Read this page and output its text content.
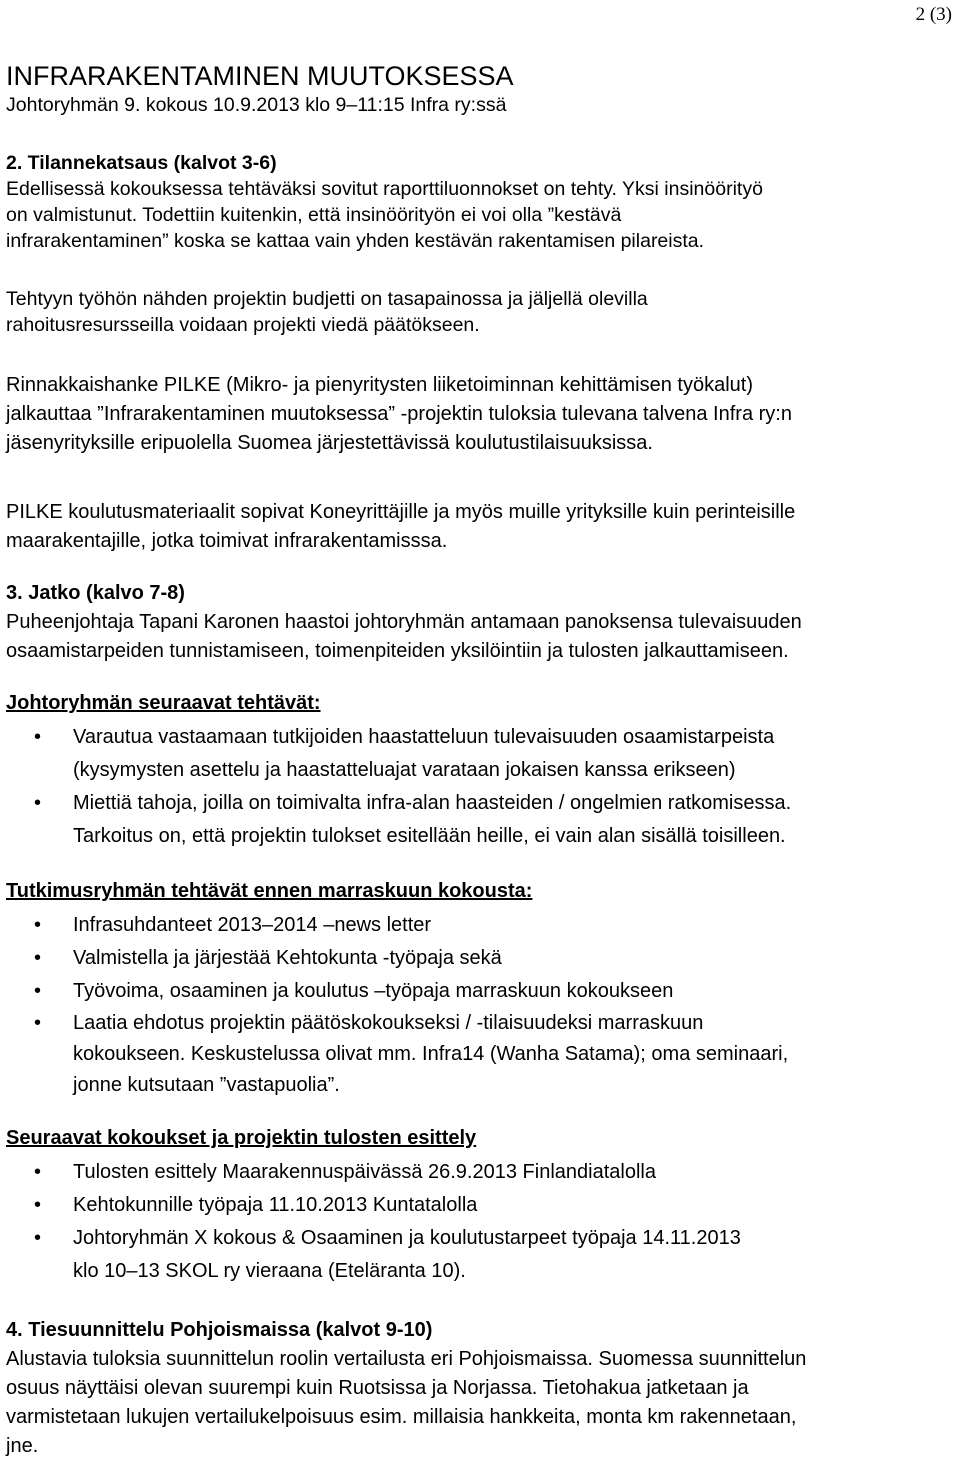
2 (3)
INFRARAKENTAMINEN MUUTOKSESSA
Johtoryhmän 9. kokous 10.9.2013 klo 9–11:15 Infra ry:ssä
2. Tilannekatsaus (kalvot 3-6)
Edellisessä kokouksessa tehtäväksi sovitut raporttiluonnokset on tehty. Yksi insinöörityö
on valmistunut. Todettiin kuitenkin, että insinöörityön ei voi olla ”kestävä
infrarakentaminen” koska se kattaa vain yhden kestävän rakentamisen pilareista.
Tehtyyn työhön nähden projektin budjetti on tasapainossa ja jäljellä olevilla
rahoitusresursseilla voidaan projekti viedä päätökseen.
Rinnakkaishanke PILKE (Mikro- ja pienyritysten liiketoiminnan kehittämisen työkalut)
jalkauttaa ”Infrarakentaminen muutoksessa” -projektin tuloksia tulevana talvena Infra ry:n
jäsenyrityksille eripuolella Suomea järjestettävissä koulutustilaisuuksissa.
PILKE koulutusmateriaalit sopivat Koneyrittäjille ja myös muille yrityksille kuin perinteisille
maarakentajille, jotka toimivat infrarakentamisssa.
3. Jatko (kalvo 7-8)
Puheenjohtaja Tapani Karonen haastoi johtoryhmän antamaan panoksensa tulevaisuuden
osaamistarpeiden tunnistamiseen, toimenpiteiden yksilöintiin ja tulosten jalkauttamiseen.
Johtoryhmän seuraavat tehtävät:
• Varautua vastaamaan tutkijoiden haastatteluun tulevaisuuden osaamistarpeista
(kysymysten asettelu ja haastatteluajat varataan jokaisen kanssa erikseen)
• Miettiä tahoja, joilla on toimivalta infra-alan haasteiden / ongelmien ratkomisessa.
Tarkoitus on, että projektin tulokset esitellään heille, ei vain alan sisällä toisilleen.
Tutkimusryhmän tehtävät ennen marraskuun kokousta:
• Infrasuhdanteet 2013–2014 –news letter
• Valmistella ja järjestää Kehtokunta -työpaja sekä
• Työvoima, osaaminen ja koulutus –työpaja marraskuun kokoukseen
• Laatia ehdotus projektin päätöskokoukseksi / -tilaisuudeksi marraskuun
kokoukseen. Keskustelussa olivat mm. Infra14 (Wanha Satama); oma seminaari,
jonne kutsutaan ”vastapuolia”.
Seuraavat kokoukset ja projektin tulosten esittely
• Tulosten esittely Maarakennuspäivässä 26.9.2013 Finlandiatalolla
• Kehtokunnille työpaja 11.10.2013 Kuntatalolla
• Johtoryhmän X kokous & Osaaminen ja koulutustarpeet työpaja 14.11.2013
klo 10–13 SKOL ry vieraana (Eteläranta 10).
4. Tiesuunnittelu Pohjoismaissa (kalvot 9-10)
Alustavia tuloksia suunnittelun roolin vertailusta eri Pohjoismaissa. Suomessa suunnittelun
osuus näyttäisi olevan suurempi kuin Ruotsissa ja Norjassa. Tietohakua jatketaan ja
varmistetaan lukujen vertailukelpoisuus esim. millaisia hankkeita, monta km rakennetaan,
jne.
